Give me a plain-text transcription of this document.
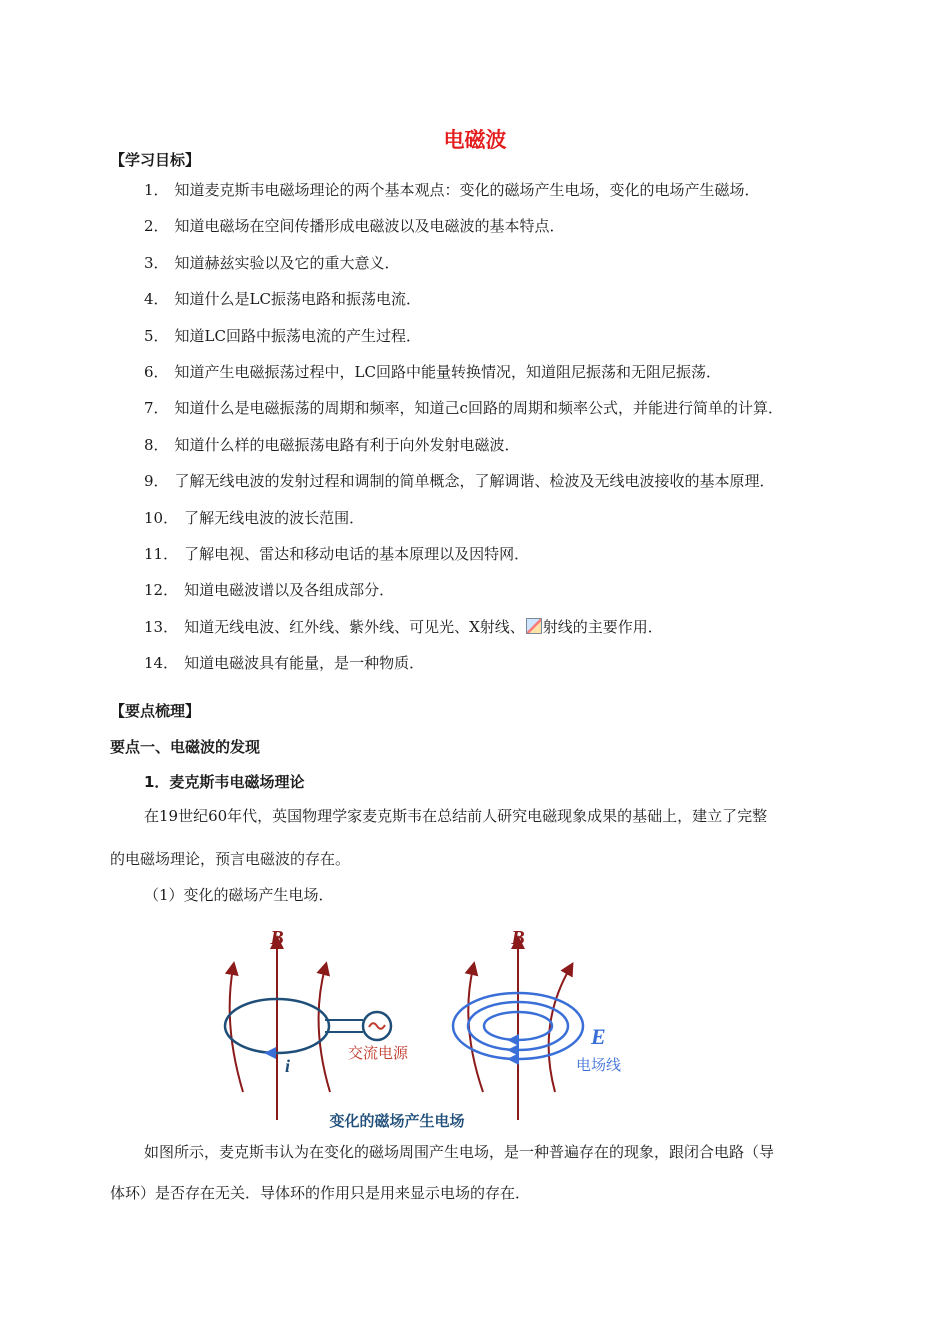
电磁波
【学习目标】
1． 知道麦克斯韦电磁场理论的两个基本观点：变化的磁场产生电场，变化的电场产生磁场．
2． 知道电磁场在空间传播形成电磁波以及电磁波的基本特点．
3． 知道赫兹实验以及它的重大意义．
4． 知道什么是LC振荡电路和振荡电流．
5． 知道LC回路中振荡电流的产生过程．
6． 知道产生电磁振荡过程中，LC回路中能量转换情况，知道阻尼振荡和无阻尼振荡．
7． 知道什么是电磁振荡的周期和频率，知道己c回路的周期和频率公式，并能进行简单的计算．
8． 知道什么样的电磁振荡电路有利于向外发射电磁波．
9． 了解无线电波的发射过程和调制的简单概念，了解调谐、检波及无线电波接收的基本原理．
10． 了解无线电波的波长范围．
11． 了解电视、雷达和移动电话的基本原理以及因特网．
12． 知道电磁波谱以及各组成部分．
13． 知道无线电波、红外线、紫外线、可见光、X射线、 射线的主要作用．
14． 知道电磁波具有能量，是一种物质．
【要点梳理】
要点一、电磁波的发现
1．麦克斯韦电磁场理论
在19世纪60年代，英国物理学家麦克斯韦在总结前人研究电磁现象成果的基础上，建立了完整
的电磁场理论，预言电磁波的存在。
（1）变化的磁场产生电场．
B
i
交流电源
B
E
电场线
变化的磁场产生电场
如图所示，麦克斯韦认为在变化的磁场周围产生电场，是一种普遍存在的现象，跟闭合电路（导
体环）是否存在无关．导体环的作用只是用来显示电场的存在．
